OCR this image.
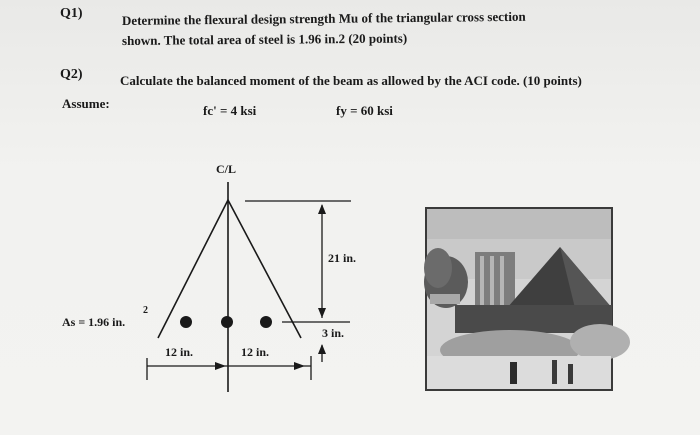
Q1)	Determine the flexural design strength Mu of the triangular cross section
shown. The total area of steel is 1.96 in.2 (20 points)
Q2)	Calculate the balanced moment of the beam as allowed by the ACI code. (10 points)
Assume:	fc' = 4 ksi	fy = 60 ksi
C/L
21 in.
3 in.
As = 1.96 in.
2
12 in.	12 in.
